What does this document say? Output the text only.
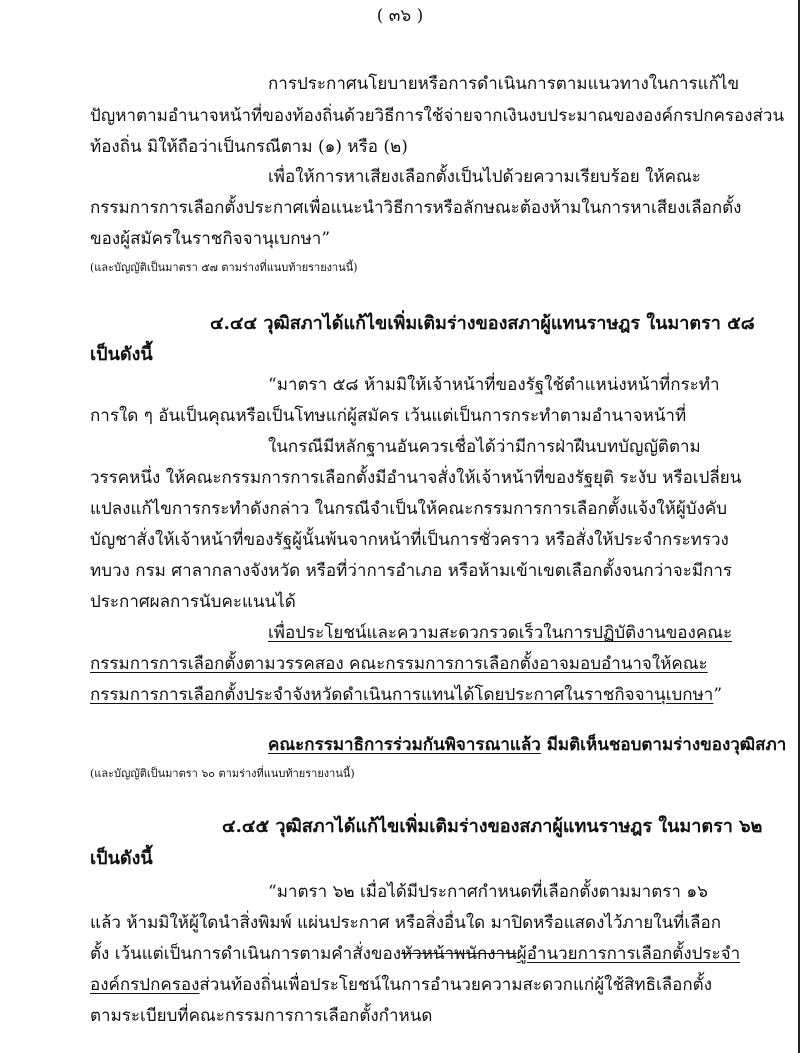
( ๓๖ )
การประกาศนโยบายหรือการดำเนินการตามแนวทางในการแก้ไข
ปัญหาตามอำนาจหน้าที่ของท้องถิ่นด้วยวิธีการใช้จ่ายจากเงินงบประมาณขององค์กรปกครองส่วน
ท้องถิ่น มิให้ถือว่าเป็นกรณีตาม (๑) หรือ (๒)
เพื่อให้การหาเสียงเลือกตั้งเป็นไปด้วยความเรียบร้อย ให้คณะ
กรรมการการเลือกตั้งประกาศเพื่อแนะนำวิธีการหรือลักษณะต้องห้ามในการหาเสียงเลือกตั้ง
ของผู้สมัครในราชกิจจานุเบกษา”
(และบัญญัติเป็นมาตรา ๕๗ ตามร่างที่แนบท้ายรายงานนี้)
๔.๔๔ วุฒิสภาได้แก้ไขเพิ่มเติมร่างของสภาผู้แทนราษฎร ในมาตรา ๕๘
เป็นดังนี้
“มาตรา ๕๘ ห้ามมิให้เจ้าหน้าที่ของรัฐใช้ตำแหน่งหน้าที่กระทำ
การใด ๆ อันเป็นคุณหรือเป็นโทษแก่ผู้สมัคร เว้นแต่เป็นการกระทำตามอำนาจหน้าที่
ในกรณีมีหลักฐานอันควรเชื่อได้ว่ามีการฝ่าฝืนบทบัญญัติตาม
วรรคหนึ่ง ให้คณะกรรมการการเลือกตั้งมีอำนาจสั่งให้เจ้าหน้าที่ของรัฐยุติ ระงับ หรือเปลี่ยน
แปลงแก้ไขการกระทำดังกล่าว ในกรณีจำเป็นให้คณะกรรมการการเลือกตั้งแจ้งให้ผู้บังคับ
บัญชาสั่งให้เจ้าหน้าที่ของรัฐผู้นั้นพ้นจากหน้าที่เป็นการชั่วคราว หรือสั่งให้ประจำกระทรวง
ทบวง กรม ศาลากลางจังหวัด หรือที่ว่าการอำเภอ หรือห้ามเข้าเขตเลือกตั้งจนกว่าจะมีการ
ประกาศผลการนับคะแนนได้
เพื่อประโยชน์และความสะดวกรวดเร็วในการปฏิบัติงานของคณะ
กรรมการการเลือกตั้งตามวรรคสอง คณะกรรมการการเลือกตั้งอาจมอบอำนาจให้คณะ
กรรมการการเลือกตั้งประจำจังหวัดดำเนินการแทนได้โดยประกาศในราชกิจจานุเบกษา”
คณะกรรมาธิการร่วมกันพิจารณาแล้ว มีมติเห็นชอบตามร่างของวุฒิสภา
(และบัญญัติเป็นมาตรา ๖๐ ตามร่างที่แนบท้ายรายงานนี้)
๔.๔๕ วุฒิสภาได้แก้ไขเพิ่มเติมร่างของสภาผู้แทนราษฎร ในมาตรา ๖๒
เป็นดังนี้
“มาตรา ๖๒ เมื่อได้มีประกาศกำหนดที่เลือกตั้งตามมาตรา ๑๖
แล้ว ห้ามมิให้ผู้ใดนำสิ่งพิมพ์ แผ่นประกาศ หรือสิ่งอื่นใด มาปิดหรือแสดงไว้ภายในที่เลือก
ตั้ง เว้นแต่เป็นการดำเนินการตามคำสั่งของหัวหน้าพนักงานผู้อำนวยการการเลือกตั้งประจำ
องค์กรปกครองส่วนท้องถิ่นเพื่อประโยชน์ในการอำนวยความสะดวกแก่ผู้ใช้สิทธิเลือกตั้ง
ตามระเบียบที่คณะกรรมการการเลือกตั้งกำหนด
